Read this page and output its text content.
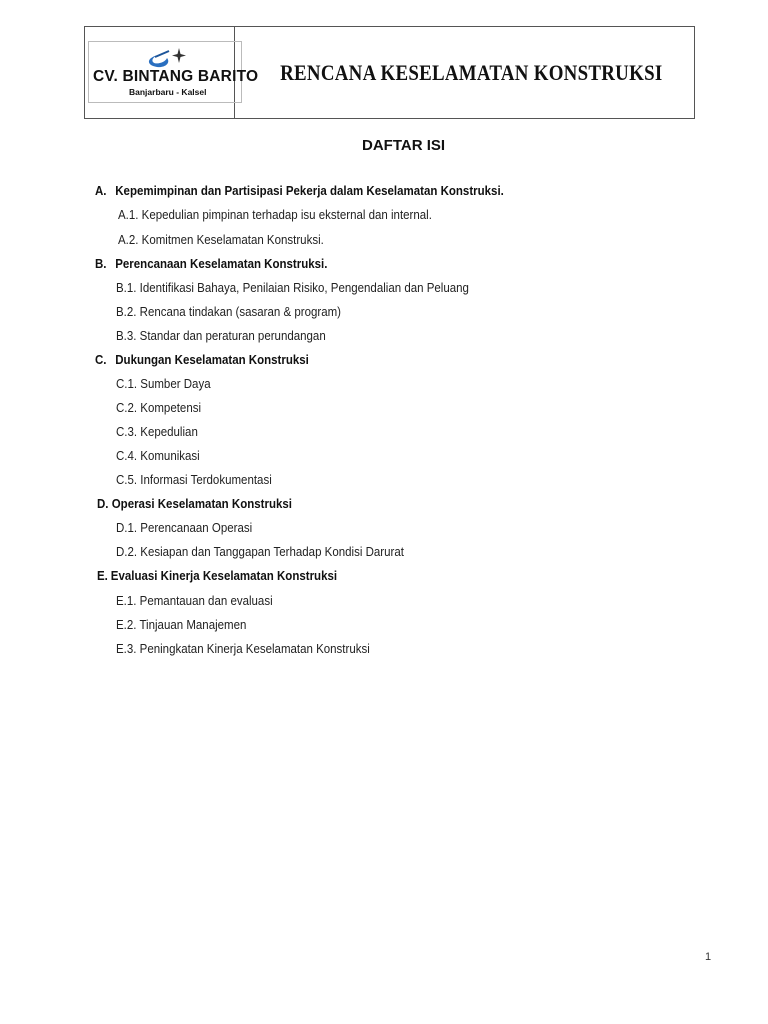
CV. BINTANG BARITO
Banjarbaru - Kalsel
RENCANA KESELAMATAN KONSTRUKSI
DAFTAR ISI
A. Kepemimpinan dan Partisipasi Pekerja dalam Keselamatan Konstruksi.
A.1. Kepedulian pimpinan terhadap isu eksternal dan internal.
A.2. Komitmen Keselamatan Konstruksi.
B. Perencanaan Keselamatan Konstruksi.
B.1. Identifikasi Bahaya, Penilaian Risiko, Pengendalian dan Peluang
B.2. Rencana tindakan (sasaran & program)
B.3. Standar dan peraturan perundangan
C. Dukungan Keselamatan Konstruksi
C.1. Sumber Daya
C.2. Kompetensi
C.3. Kepedulian
C.4. Komunikasi
C.5. Informasi Terdokumentasi
D. Operasi Keselamatan Konstruksi
D.1. Perencanaan Operasi
D.2. Kesiapan dan Tanggapan Terhadap Kondisi Darurat
E. Evaluasi Kinerja Keselamatan Konstruksi
E.1. Pemantauan dan evaluasi
E.2. Tinjauan Manajemen
E.3. Peningkatan Kinerja Keselamatan Konstruksi
1
